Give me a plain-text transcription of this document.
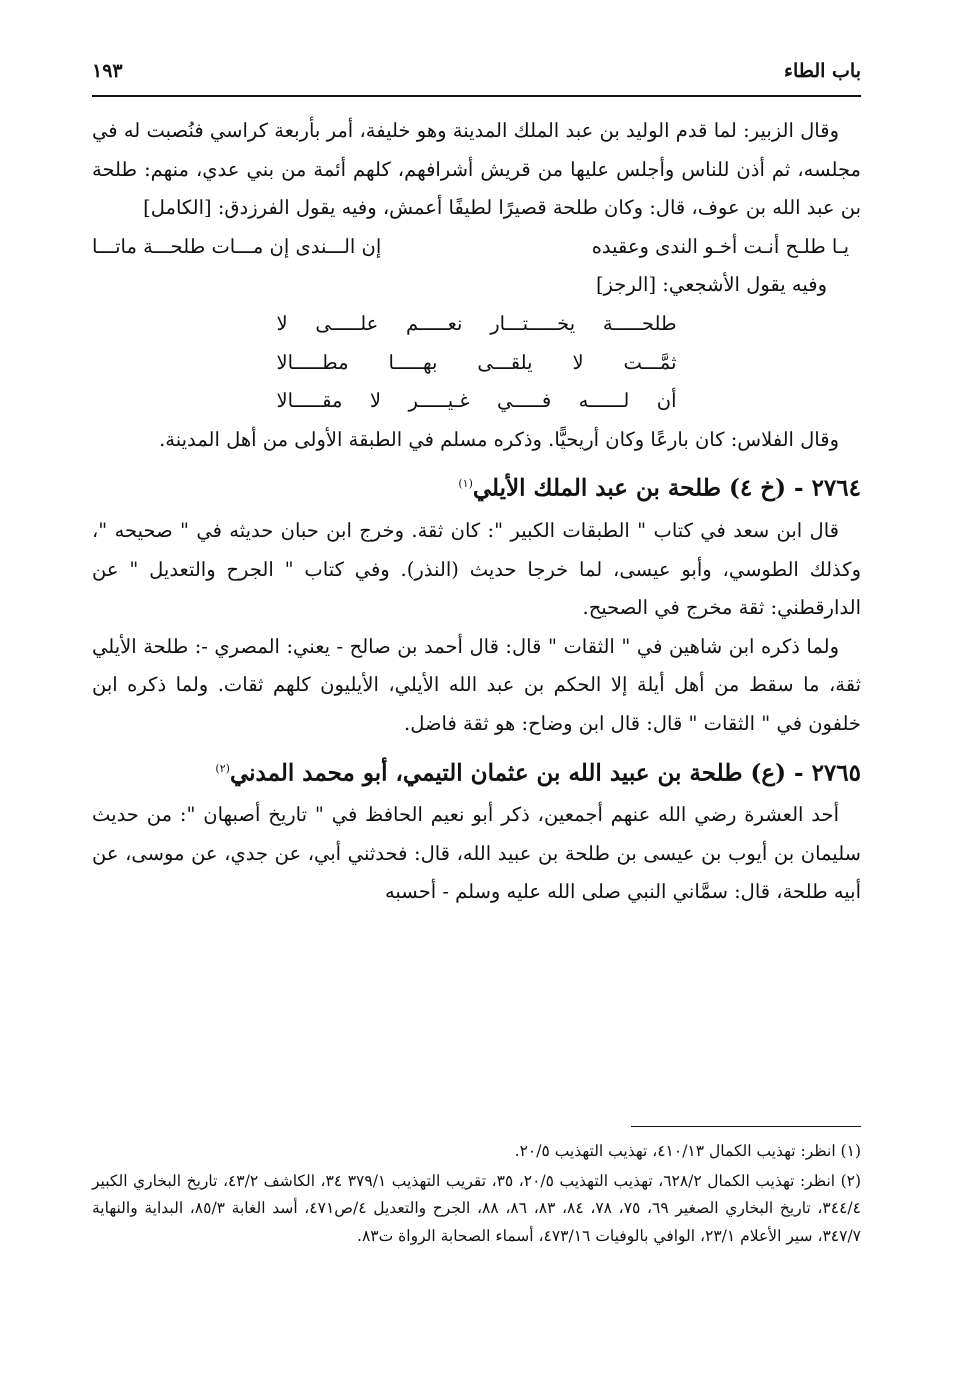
باب الطاء
١٩٣

وقال الزبير: لما قدم الوليد بن عبد الملك المدينة وهو خليفة، أمر بأربعة كراسي فنُصبت له في مجلسه، ثم أذن للناس وأجلس عليها من قريش أشرافهم، كلهم أئمة من بني عدي، منهم: طلحة بن عبد الله بن عوف، قال: وكان طلحة قصيرًا لطيفًا أعمش، وفيه يقول الفرزدق: [الكامل]

يـا طلـح أنـت أخـو الندى وعقيده
إن الـــندى إن مـــات طلحـــة ماتـــا

وفيه يقول الأشجعي: [الرجز]

طلحـــــة يخـــــتـــار نعـــــم علـــــى لا
ثمَّـــت لا يلقـــى بهـــــا مطـــــالا
أن لــــــه فـــــي غـيـــــر لا مقـــــالا

وقال الفلاس: كان بارعًا وكان أريحيًّا. وذكره مسلم في الطبقة الأولى من أهل المدينة.

٢٧٦٤ - (خ ٤) طلحة بن عبد الملك الأيلي$^{(١)}$

قال ابن سعد في كتاب " الطبقات الكبير ": كان ثقة. وخرج ابن حبان حديثه في " صحيحه "، وكذلك الطوسي، وأبو عيسى، لما خرجا حديث (النذر). وفي كتاب " الجرح والتعديل " عن الدارقطني: ثقة مخرج في الصحيح.

ولما ذكره ابن شاهين في " الثقات " قال: قال أحمد بن صالح - يعني: المصري -: طلحة الأيلي ثقة، ما سقط من أهل أيلة إلا الحكم بن عبد الله الأيلي، الأيليون كلهم ثقات. ولما ذكره ابن خلفون في " الثقات " قال: قال ابن وضاح: هو ثقة فاضل.

٢٧٦٥ - (ع) طلحة بن عبيد الله بن عثمان التيمي، أبو محمد المدني$^{(٢)}$

أحد العشرة رضي الله عنهم أجمعين، ذكر أبو نعيم الحافظ في " تاريخ أصبهان ": من حديث سليمان بن أيوب بن عيسى بن طلحة بن عبيد الله، قال: فحدثني أبي، عن جدي، عن موسى، عن أبيه طلحة، قال: سمَّاني النبي صلى الله عليه وسلم - أحسبه

(١) انظر: تهذيب الكمال ٤١٠/١٣، تهذيب التهذيب ٢٠/٥.

(٢) انظر: تهذيب الكمال ٦٢٨/٢، تهذيب التهذيب ٢٠/٥، ٣٥، تقريب التهذيب ٣٧٩/١ ٣٤، الكاشف ٤٣/٢، تاريخ البخاري الكبير ٣٤٤/٤، تاريخ البخاري الصغير ٦٩، ٧٥، ٧٨، ٨٤، ٨٣، ٨٦، ٨٨، الجرح والتعديل ٤/ص٤٧١، أسد الغابة ٨٥/٣، البداية والنهاية ٣٤٧/٧، سير الأعلام ٢٣/١، الوافي بالوفيات ٤٧٣/١٦، أسماء الصحابة الرواة ت٨٣.
